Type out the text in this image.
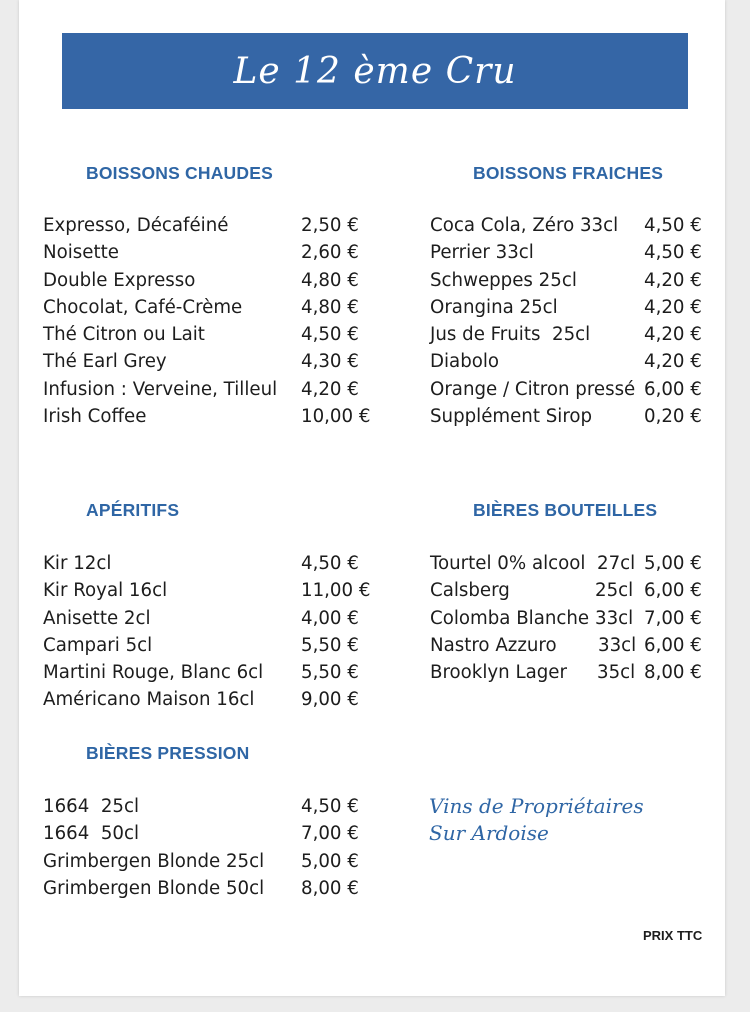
Le 12 ème Cru
BOISSONS CHAUDES
Expresso, Décaféiné	2,50 €
Noisette	2,60 €
Double Expresso	4,80 €
Chocolat, Café-Crème	4,80 €
Thé Citron ou Lait	4,50 €
Thé Earl Grey	4,30 €
Infusion : Verveine, Tilleul 4,20 €
Irish Coffee	10,00 €
BOISSONS FRAICHES
Coca Cola, Zéro 33cl 4,50 €
Perrier 33cl	4,50 €
Schweppes 25cl	4,20 €
Orangina 25cl	4,20 €
Jus de Fruits  25cl	4,20 €
Diabolo	4,20 €
Orange / Citron pressé 6,00 €
Supplément Sirop	0,20 €
APÉRITIFS
Kir 12cl	4,50 €
Kir Royal 16cl	11,00 €
Anisette 2cl	4,00 €
Campari 5cl	5,50 €
Martini Rouge, Blanc 6cl 5,50 €
Américano Maison 16cl	9,00 €
BIÈRES BOUTEILLES
Tourtel 0% alcool 27cl 5,00 €
Calsberg	25cl 6,00 €
Colomba Blanche 33cl 7,00 €
Nastro Azzuro 33cl 6,00 €
Brooklyn Lager 35cl 8,00 €
BIÈRES PRESSION
1664  25cl	4,50 €
1664  50cl	7,00 €
Grimbergen Blonde 25cl 5,00 €
Grimbergen Blonde 50cl 8,00 €
Vins de Propriétaires
Sur Ardoise
PRIX TTC
